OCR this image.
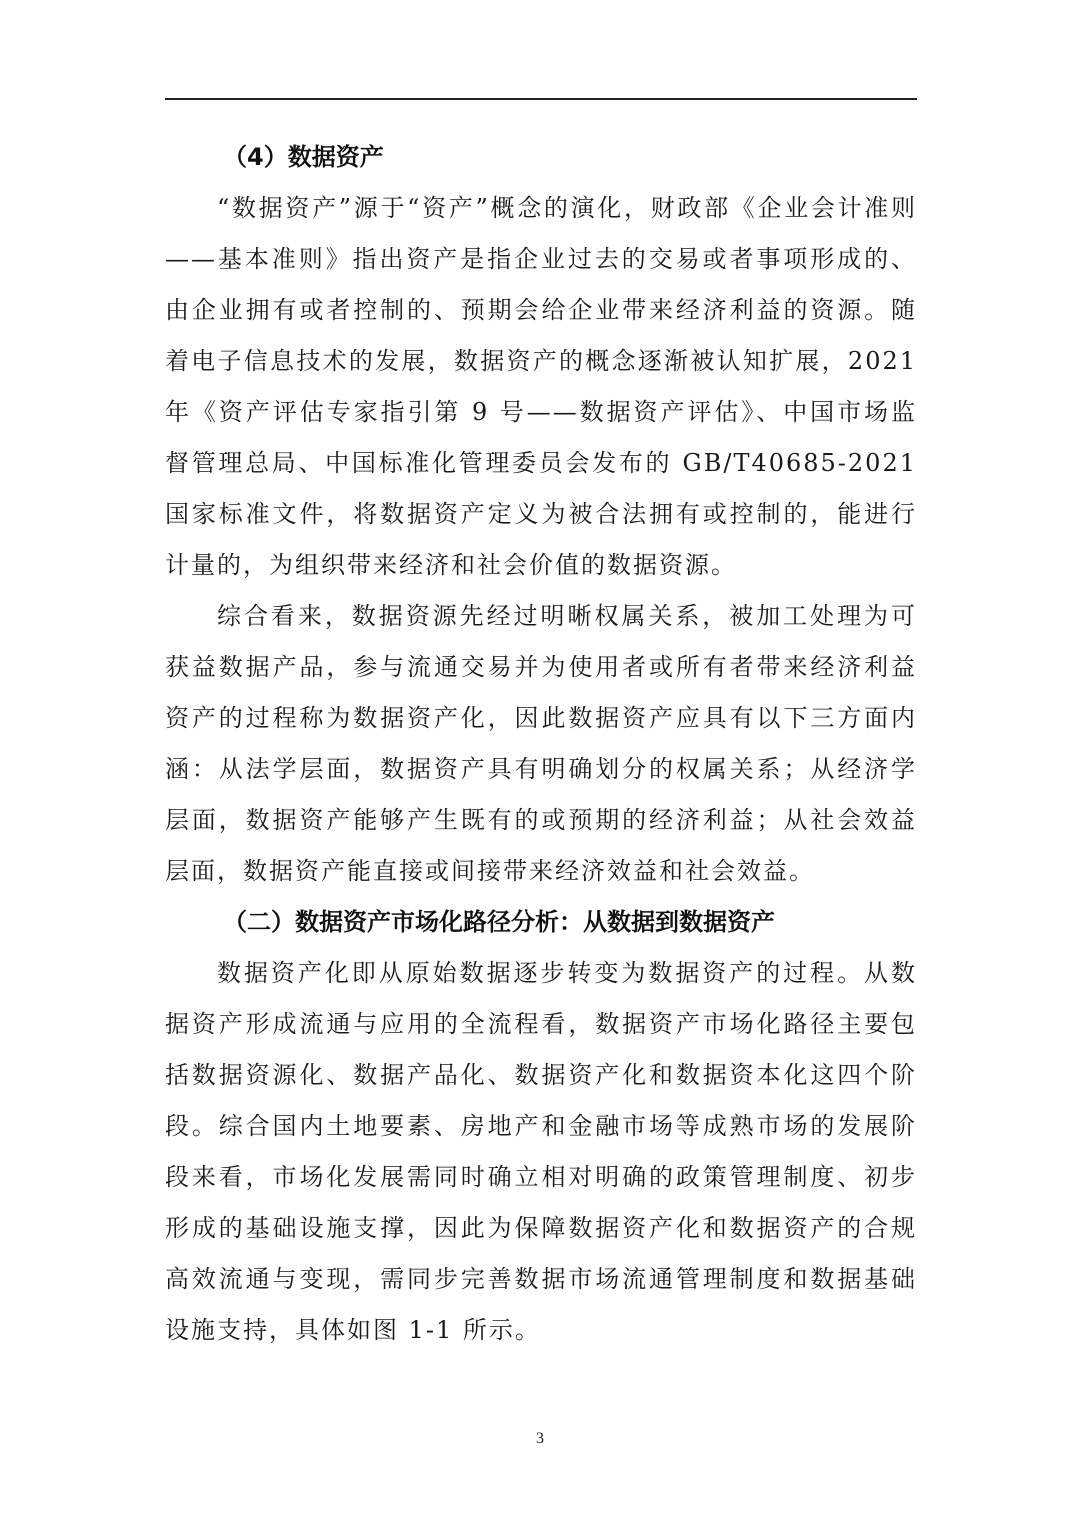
（4）数据资产

“数据资产”源于“资产”概念的演化，财政部《企业会计准则——基本准则》指出资产是指企业过去的交易或者事项形成的、由企业拥有或者控制的、预期会给企业带来经济利益的资源。随着电子信息技术的发展，数据资产的概念逐渐被认知扩展，2021 年《资产评估专家指引第 9 号——数据资产评估》、中国市场监督管理总局、中国标准化管理委员会发布的 GB/T40685-2021 国家标准文件，将数据资产定义为被合法拥有或控制的，能进行计量的，为组织带来经济和社会价值的数据资源。

综合看来，数据资源先经过明晰权属关系，被加工处理为可获益数据产品，参与流通交易并为使用者或所有者带来经济利益资产的过程称为数据资产化，因此数据资产应具有以下三方面内涵：从法学层面，数据资产具有明确划分的权属关系；从经济学层面，数据资产能够产生既有的或预期的经济利益；从社会效益层面，数据资产能直接或间接带来经济效益和社会效益。

（二）数据资产市场化路径分析：从数据到数据资产

数据资产化即从原始数据逐步转变为数据资产的过程。从数据资产形成流通与应用的全流程看，数据资产市场化路径主要包括数据资源化、数据产品化、数据资产化和数据资本化这四个阶段。综合国内土地要素、房地产和金融市场等成熟市场的发展阶段来看，市场化发展需同时确立相对明确的政策管理制度、初步形成的基础设施支撑，因此为保障数据资产化和数据资产的合规高效流通与变现，需同步完善数据市场流通管理制度和数据基础设施支持，具体如图 1-1 所示。

3
